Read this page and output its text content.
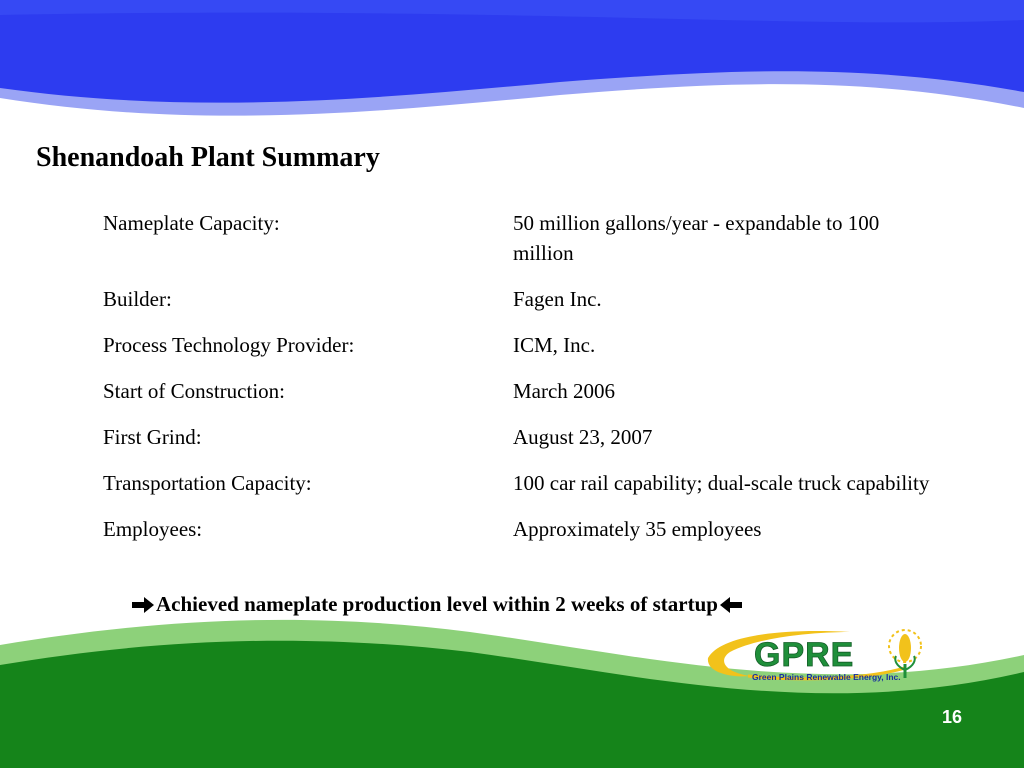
Shenandoah Plant Summary
Nameplate Capacity:	50 million gallons/year - expandable to 100 million
Builder:	Fagen Inc.
Process Technology Provider:	ICM, Inc.
Start of Construction:	March 2006
First Grind:	August 23, 2007
Transportation Capacity:	100 car rail capability; dual-scale truck capability
Employees:	Approximately 35 employees
Achieved nameplate production level within 2 weeks of startup
GPRE
Green Plains Renewable Energy, Inc.
16
